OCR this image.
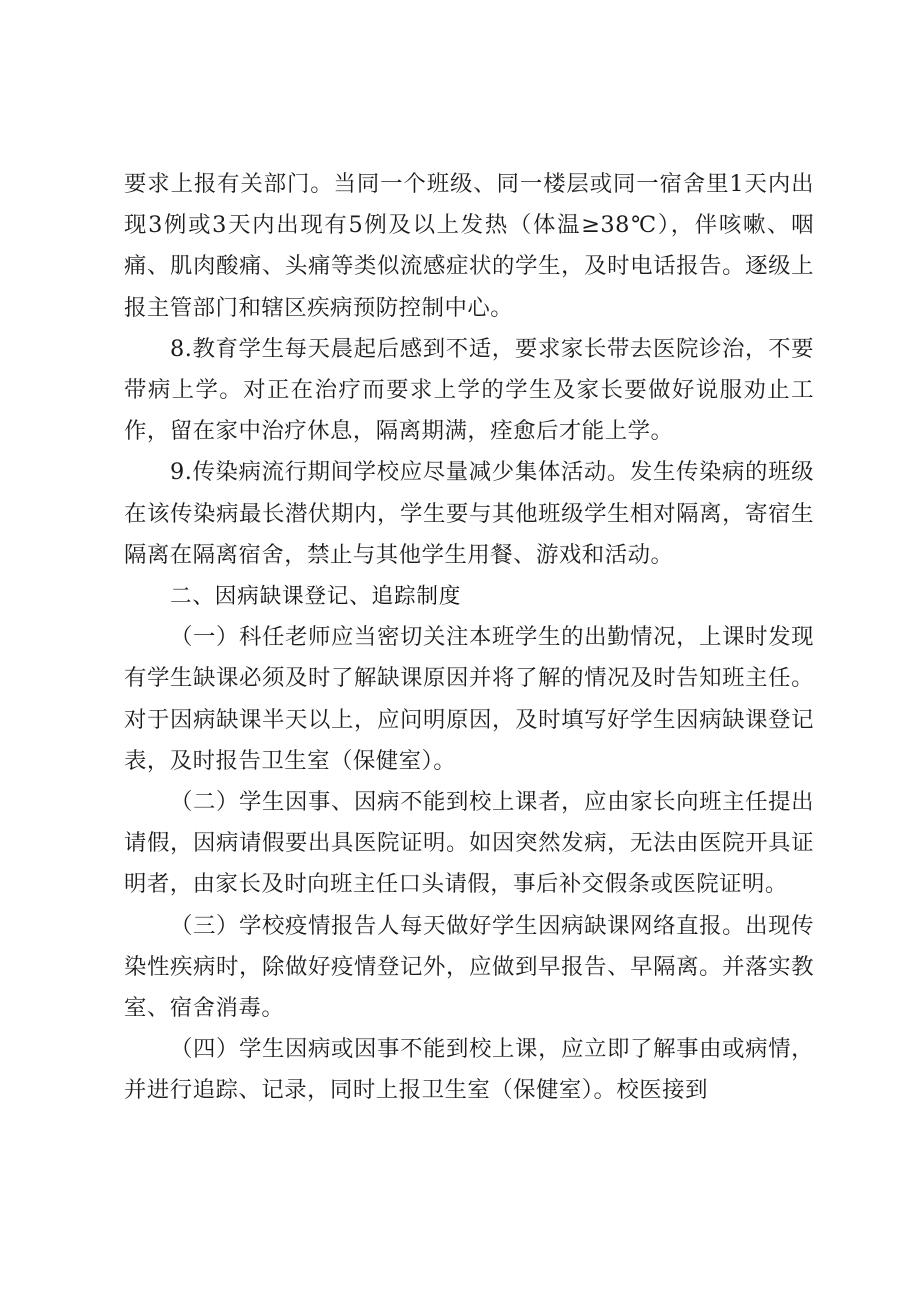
要求上报有关部门。当同一个班级、同一楼层或同一宿舍里1天内出现3例或3天内出现有5例及以上发热（体温≥38℃），伴咳嗽、咽痛、肌肉酸痛、头痛等类似流感症状的学生，及时电话报告。逐级上报主管部门和辖区疾病预防控制中心。

8.教育学生每天晨起后感到不适，要求家长带去医院诊治，不要带病上学。对正在治疗而要求上学的学生及家长要做好说服劝止工作，留在家中治疗休息，隔离期满，痊愈后才能上学。

9.传染病流行期间学校应尽量减少集体活动。发生传染病的班级在该传染病最长潜伏期内，学生要与其他班级学生相对隔离，寄宿生隔离在隔离宿舍，禁止与其他学生用餐、游戏和活动。

二、因病缺课登记、追踪制度

（一）科任老师应当密切关注本班学生的出勤情况，上课时发现有学生缺课必须及时了解缺课原因并将了解的情况及时告知班主任。对于因病缺课半天以上，应问明原因，及时填写好学生因病缺课登记表，及时报告卫生室（保健室）。

（二）学生因事、因病不能到校上课者，应由家长向班主任提出请假，因病请假要出具医院证明。如因突然发病，无法由医院开具证明者，由家长及时向班主任口头请假，事后补交假条或医院证明。

（三）学校疫情报告人每天做好学生因病缺课网络直报。出现传染性疾病时，除做好疫情登记外，应做到早报告、早隔离。并落实教室、宿舍消毒。

（四）学生因病或因事不能到校上课，应立即了解事由或病情，并进行追踪、记录，同时上报卫生室（保健室）。校医接到
